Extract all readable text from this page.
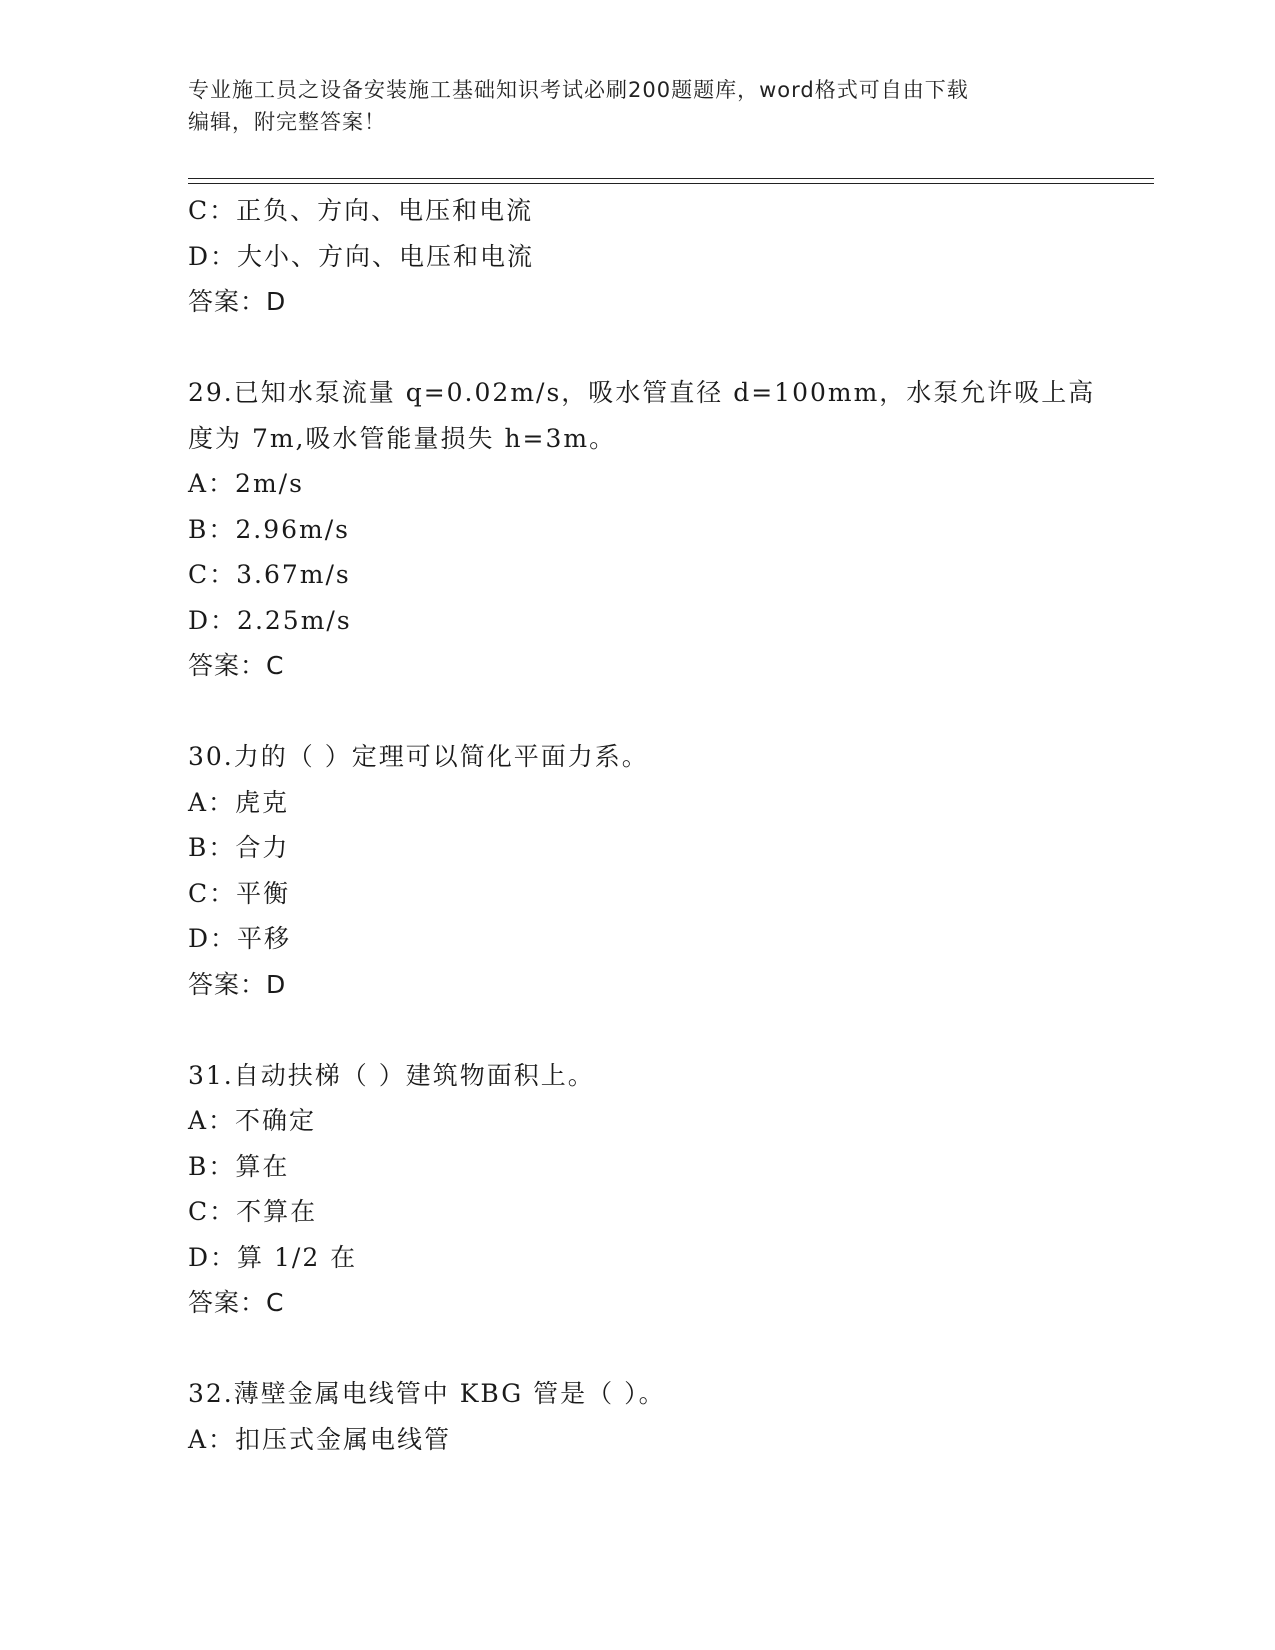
专业施工员之设备安装施工基础知识考试必刷200题题库，word格式可自由下载
编辑，附完整答案！
C：正负、方向、电压和电流
D：大小、方向、电压和电流
答案：D
29.已知水泵流量 q=0.02m/s，吸水管直径 d=100mm，水泵允许吸上高
度为 7m,吸水管能量损失 h=3m。
A：2m/s
B：2.96m/s
C：3.67m/s
D：2.25m/s
答案：C
30.力的（ ）定理可以简化平面力系。
A：虎克
B：合力
C：平衡
D：平移
答案：D
31.自动扶梯（ ）建筑物面积上。
A：不确定
B：算在
C：不算在
D：算 1/2 在
答案：C
32.薄壁金属电线管中 KBG 管是（ ）。
A：扣压式金属电线管
